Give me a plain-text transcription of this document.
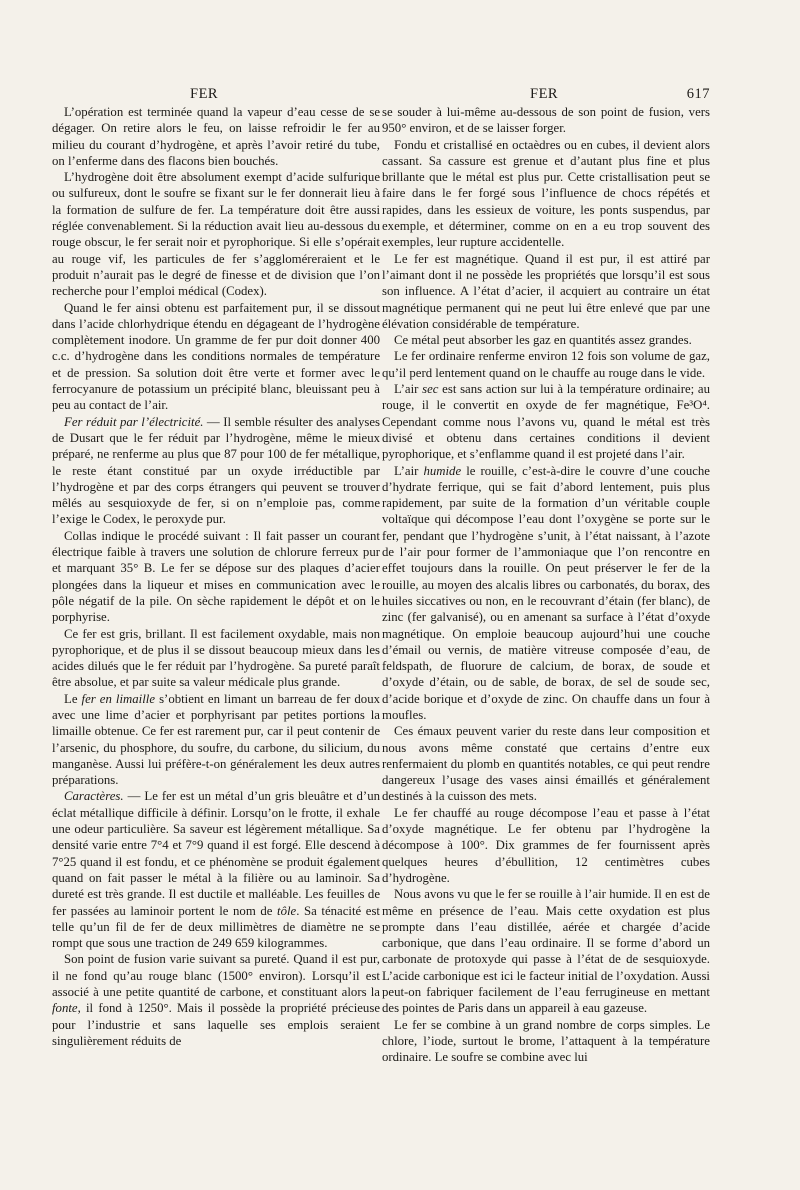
FER	FER	617

L’opération est terminée quand la vapeur d’eau cesse de se dégager. On retire alors le feu, on laisse refroidir le fer au milieu du courant d’hydrogène, et après l’avoir retiré du tube, on l’enferme dans des flacons bien bouchés.

L’hydrogène doit être absolument exempt d’acide sulfurique ou sulfureux, dont le soufre se fixant sur le fer donnerait lieu à la formation de sulfure de fer. La température doit être aussi réglée convenablement. Si la réduction avait lieu au-dessous du rouge obscur, le fer serait noir et pyrophorique. Si elle s’opérait au rouge vif, les particules de fer s’aggloméreraient et le produit n’aurait pas le degré de finesse et de division que l’on recherche pour l’emploi médical (Codex).

Quand le fer ainsi obtenu est parfaitement pur, il se dissout dans l’acide chlorhydrique étendu en dégageant de l’hydrogène complètement inodore. Un gramme de fer pur doit donner 400 c.c. d’hydrogène dans les conditions normales de température et de pression. Sa solution doit être verte et former avec le ferrocyanure de potassium un précipité blanc, bleuissant peu à peu au contact de l’air.

Fer réduit par l’électricité. — Il semble résulter des analyses de Dusart que le fer réduit par l’hydrogène, même le mieux préparé, ne renferme au plus que 87 pour 100 de fer métallique, le reste étant constitué par un oxyde irréductible par l’hydrogène et par des corps étrangers qui peuvent se trouver mêlés au sesquioxyde de fer, si on n’emploie pas, comme l’exige le Codex, le peroxyde pur.

Collas indique le procédé suivant : Il fait passer un courant électrique faible à travers une solution de chlorure ferreux pur et marquant 35° B. Le fer se dépose sur des plaques d’acier plongées dans la liqueur et mises en communication avec le pôle négatif de la pile. On sèche rapidement le dépôt et on le porphyrise.

Ce fer est gris, brillant. Il est facilement oxydable, mais non pyrophorique, et de plus il se dissout beaucoup mieux dans les acides dilués que le fer réduit par l’hydrogène. Sa pureté paraît être absolue, et par suite sa valeur médicale plus grande.

Le fer en limaille s’obtient en limant un barreau de fer doux avec une lime d’acier et porphyrisant par petites portions la limaille obtenue. Ce fer est rarement pur, car il peut contenir de l’arsenic, du phosphore, du soufre, du carbone, du silicium, du manganèse. Aussi lui préfère-t-on généralement les deux autres préparations.

Caractères. — Le fer est un métal d’un gris bleuâtre et d’un éclat métallique difficile à définir. Lorsqu’on le frotte, il exhale une odeur particulière. Sa saveur est légèrement métallique. Sa densité varie entre 7°4 et 7°9 quand il est forgé. Elle descend à 7°25 quand il est fondu, et ce phénomène se produit également quand on fait passer le métal à la filière ou au laminoir. Sa dureté est très grande. Il est ductile et malléable. Les feuilles de fer passées au laminoir portent le nom de tôle. Sa ténacité est telle qu’un fil de fer de deux millimètres de diamètre ne se rompt que sous une traction de 249 659 kilogrammes.

Son point de fusion varie suivant sa pureté. Quand il est pur, il ne fond qu’au rouge blanc (1500° environ). Lorsqu’il est associé à une petite quantité de carbone, et constituant alors la fonte, il fond à 1250°. Mais il possède la propriété précieuse pour l’industrie et sans laquelle ses emplois seraient singulièrement réduits de

se souder à lui-même au-dessous de son point de fusion, vers 950° environ, et de se laisser forger.

Fondu et cristallisé en octaèdres ou en cubes, il devient alors cassant. Sa cassure est grenue et d’autant plus fine et plus brillante que le métal est plus pur. Cette cristallisation peut se faire dans le fer forgé sous l’influence de chocs répétés et rapides, dans les essieux de voiture, les ponts suspendus, par exemple, et déterminer, comme on en a eu trop souvent des exemples, leur rupture accidentelle.

Le fer est magnétique. Quand il est pur, il est attiré par l’aimant dont il ne possède les propriétés que lorsqu’il est sous son influence. A l’état d’acier, il acquiert au contraire un état magnétique permanent qui ne peut lui être enlevé que par une élévation considérable de température.

Ce métal peut absorber les gaz en quantités assez grandes.

Le fer ordinaire renferme environ 12 fois son volume de gaz, qu’il perd lentement quand on le chauffe au rouge dans le vide.

L’air sec est sans action sur lui à la température ordinaire; au rouge, il le convertit en oxyde de fer magnétique, Fe³O⁴. Cependant comme nous l’avons vu, quand le métal est très divisé et obtenu dans certaines conditions il devient pyrophorique, et s’enflamme quand il est projeté dans l’air.

L’air humide le rouille, c’est-à-dire le couvre d’une couche d’hydrate ferrique, qui se fait d’abord lentement, puis plus rapidement, par suite de la formation d’un véritable couple voltaïque qui décompose l’eau dont l’oxygène se porte sur le fer, pendant que l’hydrogène s’unit, à l’état naissant, à l’azote de l’air pour former de l’ammoniaque que l’on rencontre en effet toujours dans la rouille. On peut préserver le fer de la rouille, au moyen des alcalis libres ou carbonatés, du borax, des huiles siccatives ou non, en le recouvrant d’étain (fer blanc), de zinc (fer galvanisé), ou en amenant sa surface à l’état d’oxyde magnétique. On emploie beaucoup aujourd’hui une couche d’émail ou vernis, de matière vitreuse composée d’eau, de feldspath, de fluorure de calcium, de borax, de soude et d’oxyde d’étain, ou de sable, de borax, de sel de soude sec, d’acide borique et d’oxyde de zinc. On chauffe dans un four à moufles.

Ces émaux peuvent varier du reste dans leur composition et nous avons même constaté que certains d’entre eux renfermaient du plomb en quantités notables, ce qui peut rendre dangereux l’usage des vases ainsi émaillés et généralement destinés à la cuisson des mets.

Le fer chauffé au rouge décompose l’eau et passe à l’état d’oxyde magnétique. Le fer obtenu par l’hydrogène la décompose à 100°. Dix grammes de fer fournissent après quelques heures d’ébullition, 12 centimètres cubes d’hydrogène.

Nous avons vu que le fer se rouille à l’air humide. Il en est de même en présence de l’eau. Mais cette oxydation est plus prompte dans l’eau distillée, aérée et chargée d’acide carbonique, que dans l’eau ordinaire. Il se forme d’abord un carbonate de protoxyde qui passe à l’état de de sesquioxyde. L’acide carbonique est ici le facteur initial de l’oxydation. Aussi peut-on fabriquer facilement de l’eau ferrugineuse en mettant des pointes de Paris dans un appareil à eau gazeuse.

Le fer se combine à un grand nombre de corps simples. Le chlore, l’iode, surtout le brome, l’attaquent à la température ordinaire. Le soufre se combine avec lui
